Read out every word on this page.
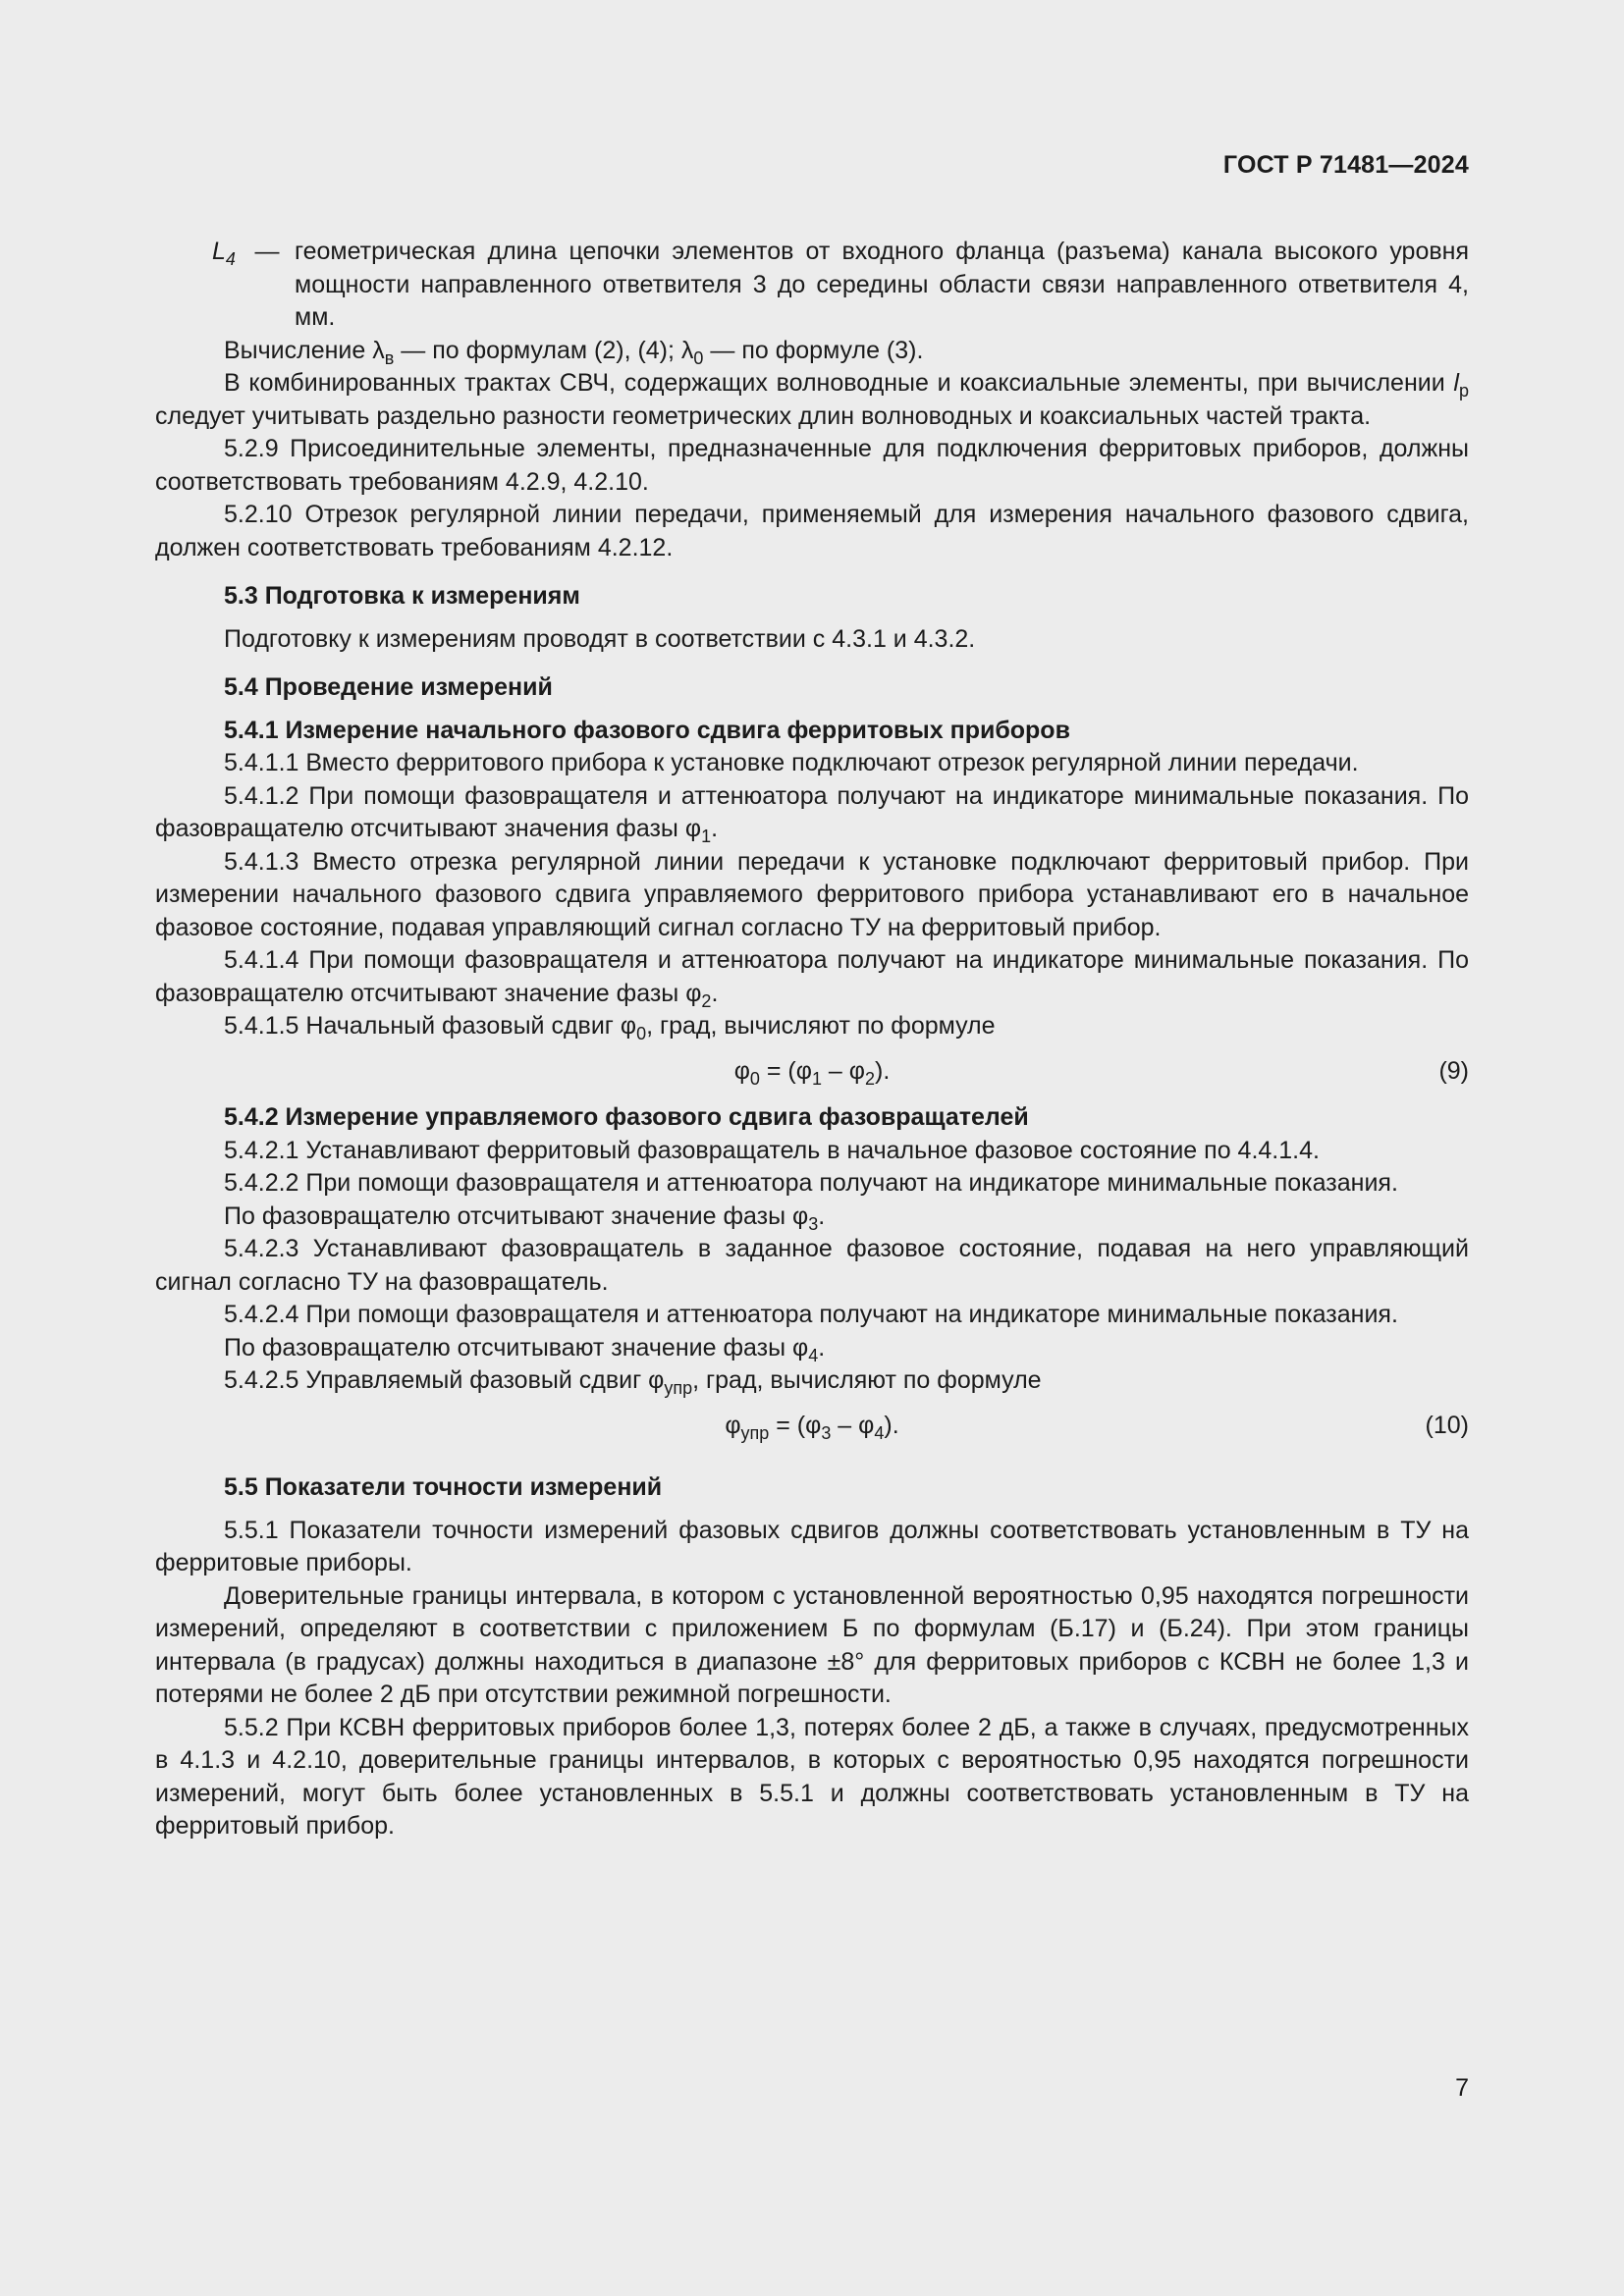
ГОСТ Р 71481—2024
$L_4$ — геометрическая длина цепочки элементов от входного фланца (разъема) канала высокого уровня мощности направленного ответвителя 3 до середины области связи направленного ответвителя 4, мм.

Вычисление $\lambda_в$ — по формулам (2), (4); $\lambda_0$ — по формуле (3).

В комбинированных трактах СВЧ, содержащих волноводные и коаксиальные элементы, при вычислении $l_р$ следует учитывать раздельно разности геометрических длин волноводных и коаксиальных частей тракта.

5.2.9 Присоединительные элементы, предназначенные для подключения ферритовых приборов, должны соответствовать требованиям 4.2.9, 4.2.10.

5.2.10 Отрезок регулярной линии передачи, применяемый для измерения начального фазового сдвига, должен соответствовать требованиям 4.2.12.

5.3 Подготовка к измерениям

Подготовку к измерениям проводят в соответствии с 4.3.1 и 4.3.2.

5.4 Проведение измерений

5.4.1 Измерение начального фазового сдвига ферритовых приборов

5.4.1.1 Вместо ферритового прибора к установке подключают отрезок регулярной линии передачи.

5.4.1.2 При помощи фазовращателя и аттенюатора получают на индикаторе минимальные показания. По фазовращателю отсчитывают значения фазы $\varphi_1$.

5.4.1.3 Вместо отрезка регулярной линии передачи к установке подключают ферритовый прибор. При измерении начального фазового сдвига управляемого ферритового прибора устанавливают его в начальное фазовое состояние, подавая управляющий сигнал согласно ТУ на ферритовый прибор.

5.4.1.4 При помощи фазовращателя и аттенюатора получают на индикаторе минимальные показания. По фазовращателю отсчитывают значение фазы $\varphi_2$.

5.4.1.5 Начальный фазовый сдвиг $\varphi_0$, град, вычисляют по формуле

$\varphi_0 = (\varphi_1 - \varphi_2)$.	(9)

5.4.2 Измерение управляемого фазового сдвига фазовращателей

5.4.2.1 Устанавливают ферритовый фазовращатель в начальное фазовое состояние по 4.4.1.4.

5.4.2.2 При помощи фазовращателя и аттенюатора получают на индикаторе минимальные показания.

По фазовращателю отсчитывают значение фазы $\varphi_3$.

5.4.2.3 Устанавливают фазовращатель в заданное фазовое состояние, подавая на него управляющий сигнал согласно ТУ на фазовращатель.

5.4.2.4 При помощи фазовращателя и аттенюатора получают на индикаторе минимальные показания.

По фазовращателю отсчитывают значение фазы $\varphi_4$.

5.4.2.5 Управляемый фазовый сдвиг $\varphi_{упр}$, град, вычисляют по формуле

$\varphi_{упр} = (\varphi_3 - \varphi_4)$.	(10)

5.5 Показатели точности измерений

5.5.1 Показатели точности измерений фазовых сдвигов должны соответствовать установленным в ТУ на ферритовые приборы.

Доверительные границы интервала, в котором с установленной вероятностью 0,95 находятся погрешности измерений, определяют в соответствии с приложением Б по формулам (Б.17) и (Б.24). При этом границы интервала (в градусах) должны находиться в диапазоне ±8° для ферритовых приборов с КСВН не более 1,3 и потерями не более 2 дБ при отсутствии режимной погрешности.

5.5.2 При КСВН ферритовых приборов более 1,3, потерях более 2 дБ, а также в случаях, предусмотренных в 4.1.3 и 4.2.10, доверительные границы интервалов, в которых с вероятностью 0,95 находятся погрешности измерений, могут быть более установленных в 5.5.1 и должны соответствовать установленным в ТУ на ферритовый прибор.

7
